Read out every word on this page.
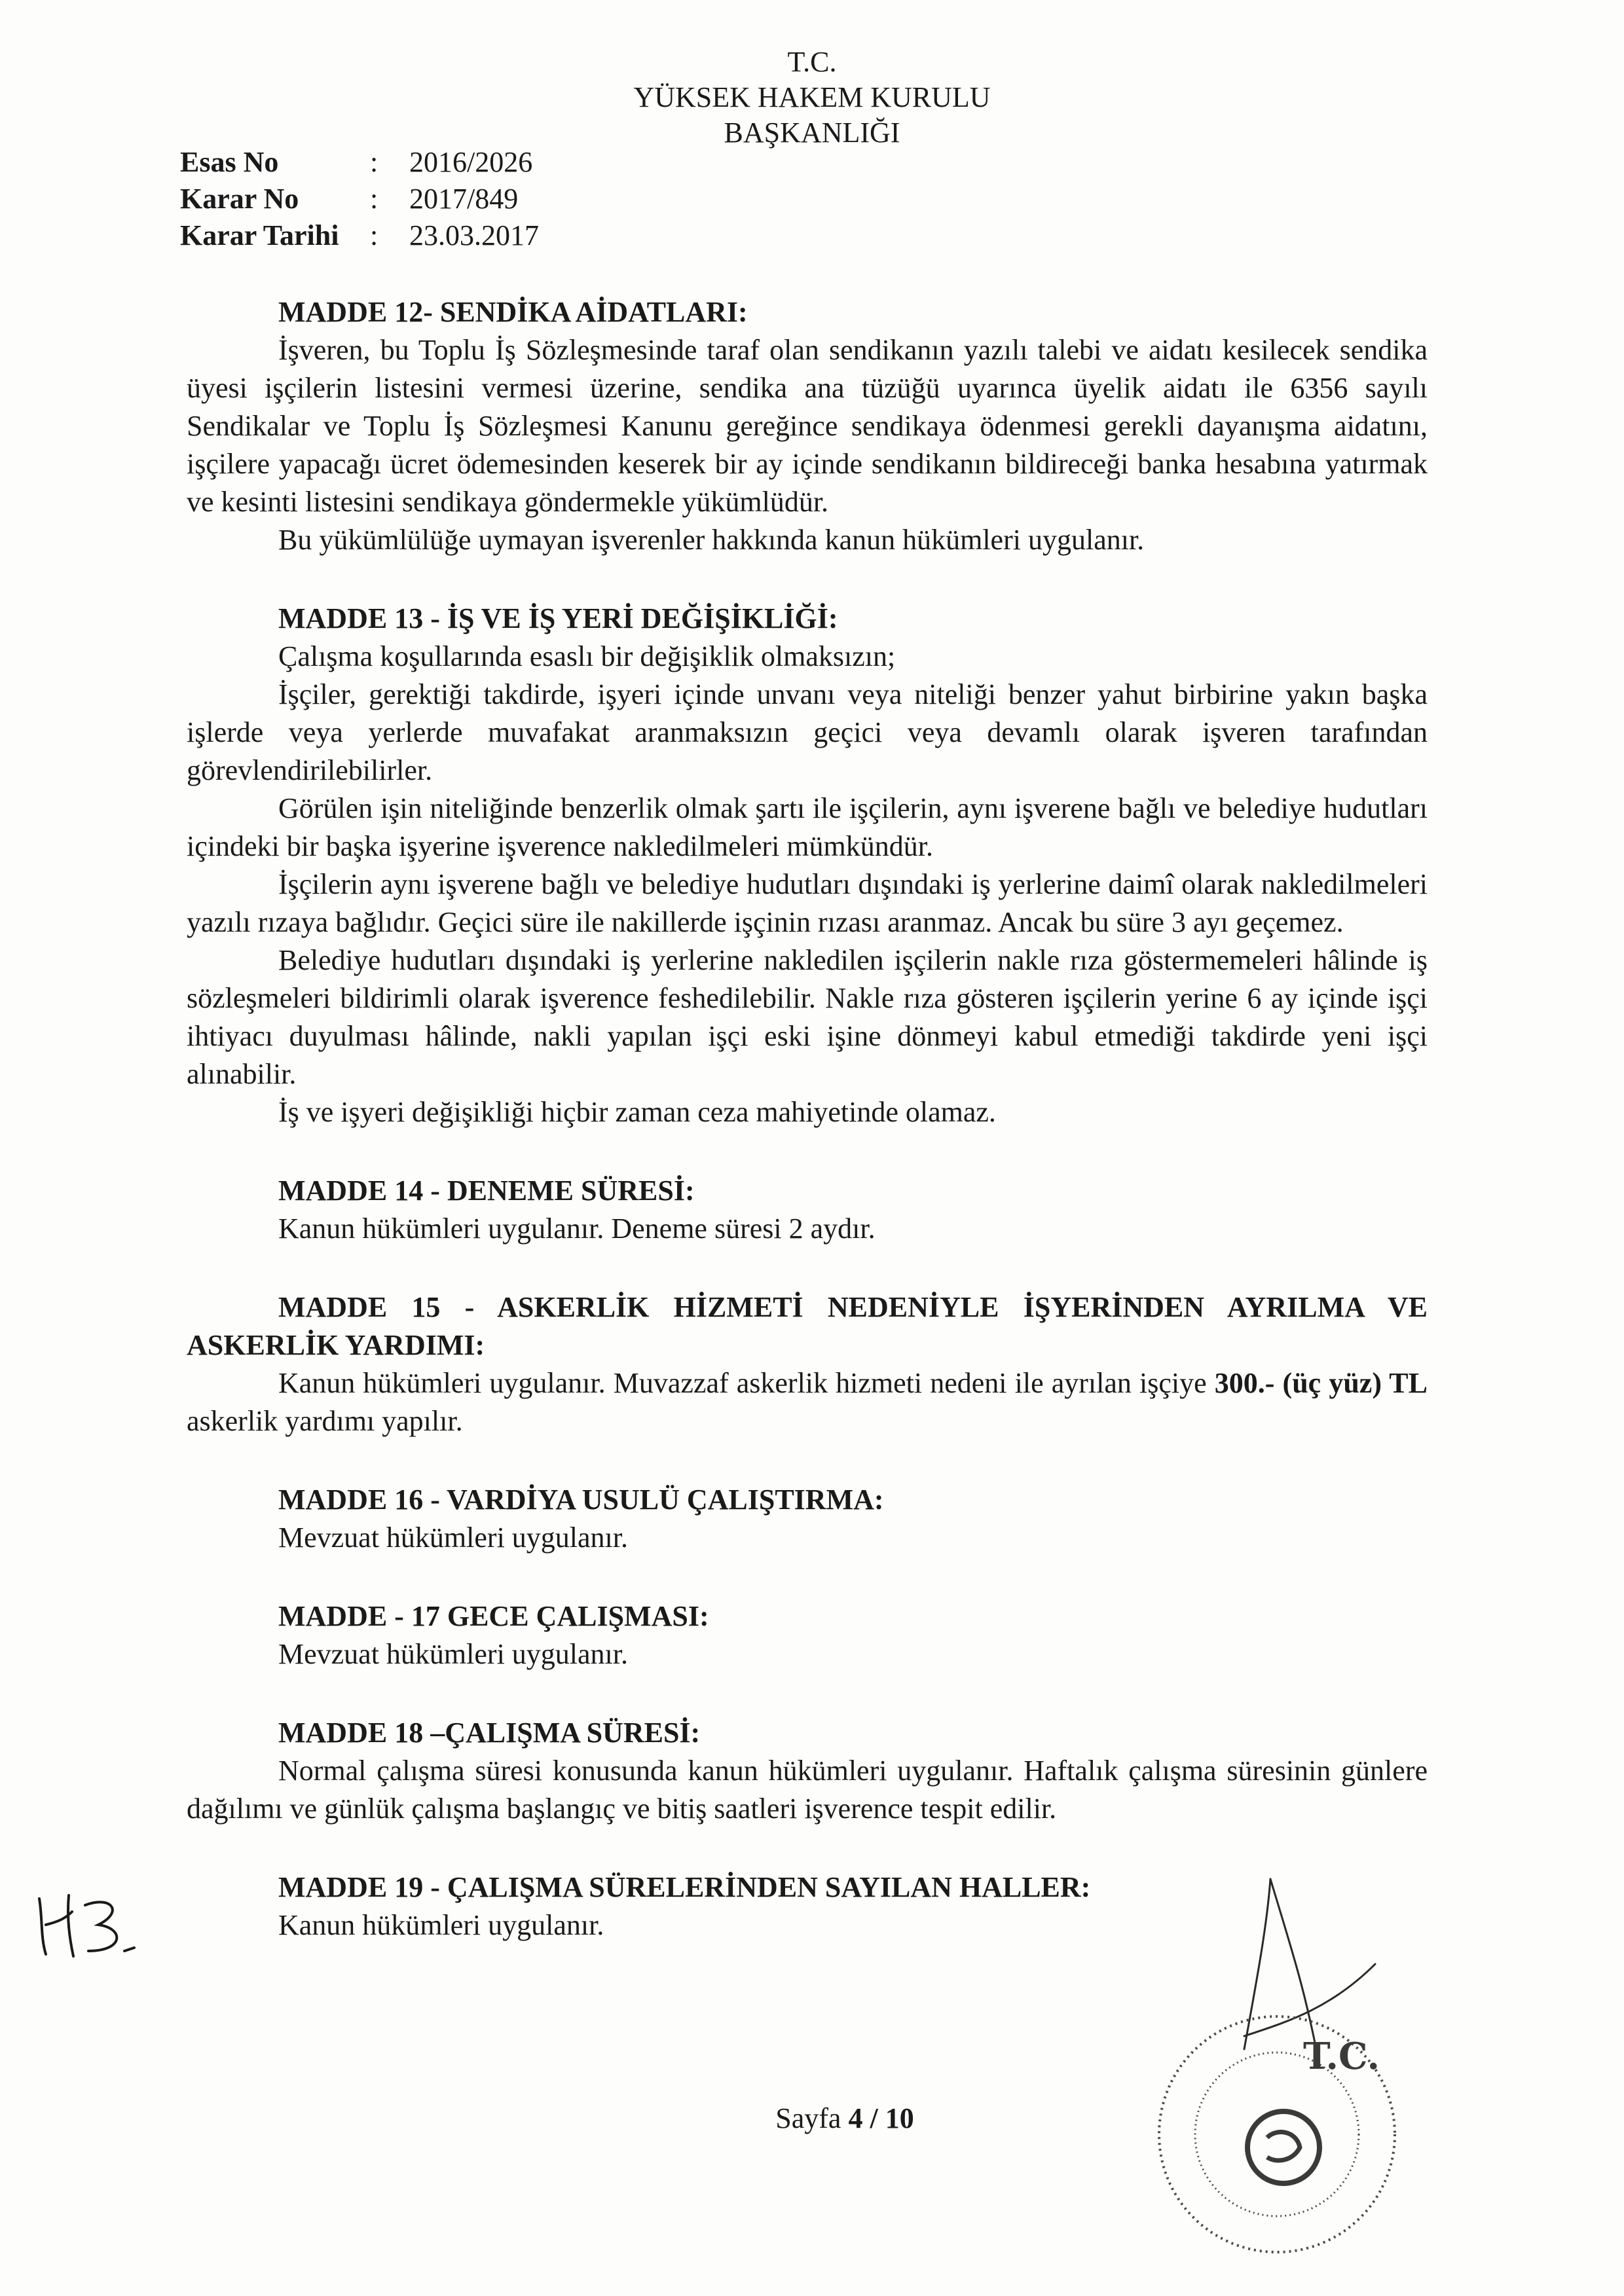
T.C.
YÜKSEK HAKEM KURULU
BAŞKANLIĞI
Esas No	:	2016/2026
Karar No	:	2017/849
Karar Tarihi	:	23.03.2017
MADDE 12- SENDİKA AİDATLARI:

İşveren, bu Toplu İş Sözleşmesinde taraf olan sendikanın yazılı talebi ve aidatı kesilecek sendika üyesi işçilerin listesini vermesi üzerine, sendika ana tüzüğü uyarınca üyelik aidatı ile 6356 sayılı Sendikalar ve Toplu İş Sözleşmesi Kanunu gereğince sendikaya ödenmesi gerekli dayanışma aidatını, işçilere yapacağı ücret ödemesinden keserek bir ay içinde sendikanın bildireceği banka hesabına yatırmak ve kesinti listesini sendikaya göndermekle yükümlüdür.

Bu yükümlülüğe uymayan işverenler hakkında kanun hükümleri uygulanır.

MADDE 13 - İŞ VE İŞ YERİ DEĞİŞİKLİĞİ:

Çalışma koşullarında esaslı bir değişiklik olmaksızın;

İşçiler, gerektiği takdirde, işyeri içinde unvanı veya niteliği benzer yahut birbirine yakın başka işlerde veya yerlerde muvafakat aranmaksızın geçici veya devamlı olarak işveren tarafından görevlendirilebilirler.

Görülen işin niteliğinde benzerlik olmak şartı ile işçilerin, aynı işverene bağlı ve belediye hudutları içindeki bir başka işyerine işverence nakledilmeleri mümkündür.

İşçilerin aynı işverene bağlı ve belediye hudutları dışındaki iş yerlerine daimî olarak nakledilmeleri yazılı rızaya bağlıdır. Geçici süre ile nakillerde işçinin rızası aranmaz. Ancak bu süre 3 ayı geçemez.

Belediye hudutları dışındaki iş yerlerine nakledilen işçilerin nakle rıza göstermemeleri hâlinde iş sözleşmeleri bildirimli olarak işverence feshedilebilir. Nakle rıza gösteren işçilerin yerine 6 ay içinde işçi ihtiyacı duyulması hâlinde, nakli yapılan işçi eski işine dönmeyi kabul etmediği takdirde yeni işçi alınabilir.

İş ve işyeri değişikliği hiçbir zaman ceza mahiyetinde olamaz.

MADDE 14 - DENEME SÜRESİ:

Kanun hükümleri uygulanır. Deneme süresi 2 aydır.

MADDE 15 - ASKERLİK HİZMETİ NEDENİYLE İŞYERİNDEN AYRILMA VE ASKERLİK YARDIMI:

Kanun hükümleri uygulanır. Muvazzaf askerlik hizmeti nedeni ile ayrılan işçiye 300.- (üç yüz) TL askerlik yardımı yapılır.

MADDE 16 - VARDİYA USULÜ ÇALIŞTIRMA:

Mevzuat hükümleri uygulanır.

MADDE - 17 GECE ÇALIŞMASI:

Mevzuat hükümleri uygulanır.

MADDE 18 –ÇALIŞMA SÜRESİ:

Normal çalışma süresi konusunda kanun hükümleri uygulanır. Haftalık çalışma süresinin günlere dağılımı ve günlük çalışma başlangıç ve bitiş saatleri işverence tespit edilir.

MADDE 19 - ÇALIŞMA SÜRELERİNDEN SAYILAN HALLER:

Kanun hükümleri uygulanır.

T.C.
Sayfa 4 / 10
